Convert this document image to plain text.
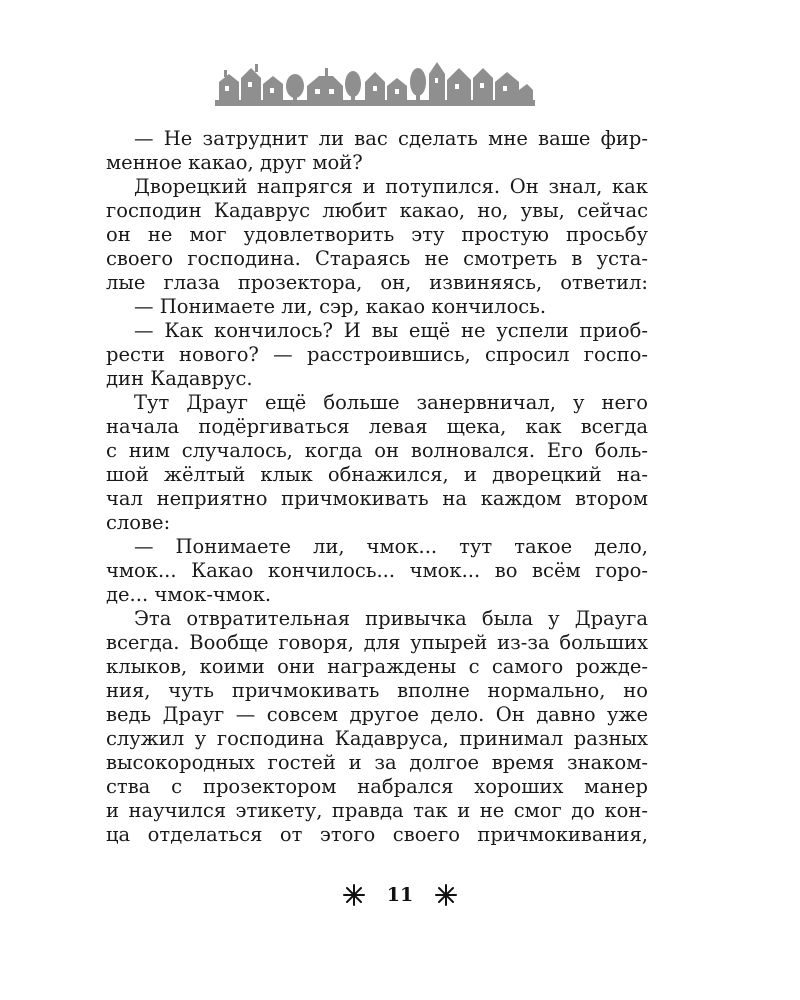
— Не затруднит ли вас сделать мне ваше фир-
менное какао, друг мой?
Дворецкий напрягся и потупился. Он знал, как
господин Кадаврус любит какао, но, увы, сейчас
он не мог удовлетворить эту простую просьбу
своего господина. Стараясь не смотреть в уста-
лые глаза прозектора, он, извиняясь, ответил:
— Понимаете ли, сэр, какао кончилось.
— Как кончилось? И вы ещё не успели приоб-
рести нового? — расстроившись, спросил госпо-
дин Кадаврус.
Тут Драуг ещё больше занервничал, у него
начала подёргиваться левая щека, как всегда
с ним случалось, когда он волновался. Его боль-
шой жёлтый клык обнажился, и дворецкий на-
чал неприятно причмокивать на каждом втором
слове:
— Понимаете ли, чмок... тут такое дело,
чмок... Какао кончилось... чмок... во всём горо-
де... чмок-чмок.
Эта отвратительная привычка была у Драуга
всегда. Вообще говоря, для упырей из-за больших
клыков, коими они награждены с самого рожде-
ния, чуть причмокивать вполне нормально, но
ведь Драуг — совсем другое дело. Он давно уже
служил у господина Кадавруса, принимал разных
высокородных гостей и за долгое время знаком-
ства с прозектором набрался хороших манер
и научился этикету, правда так и не смог до кон-
ца отделаться от этого своего причмокивания,
11
